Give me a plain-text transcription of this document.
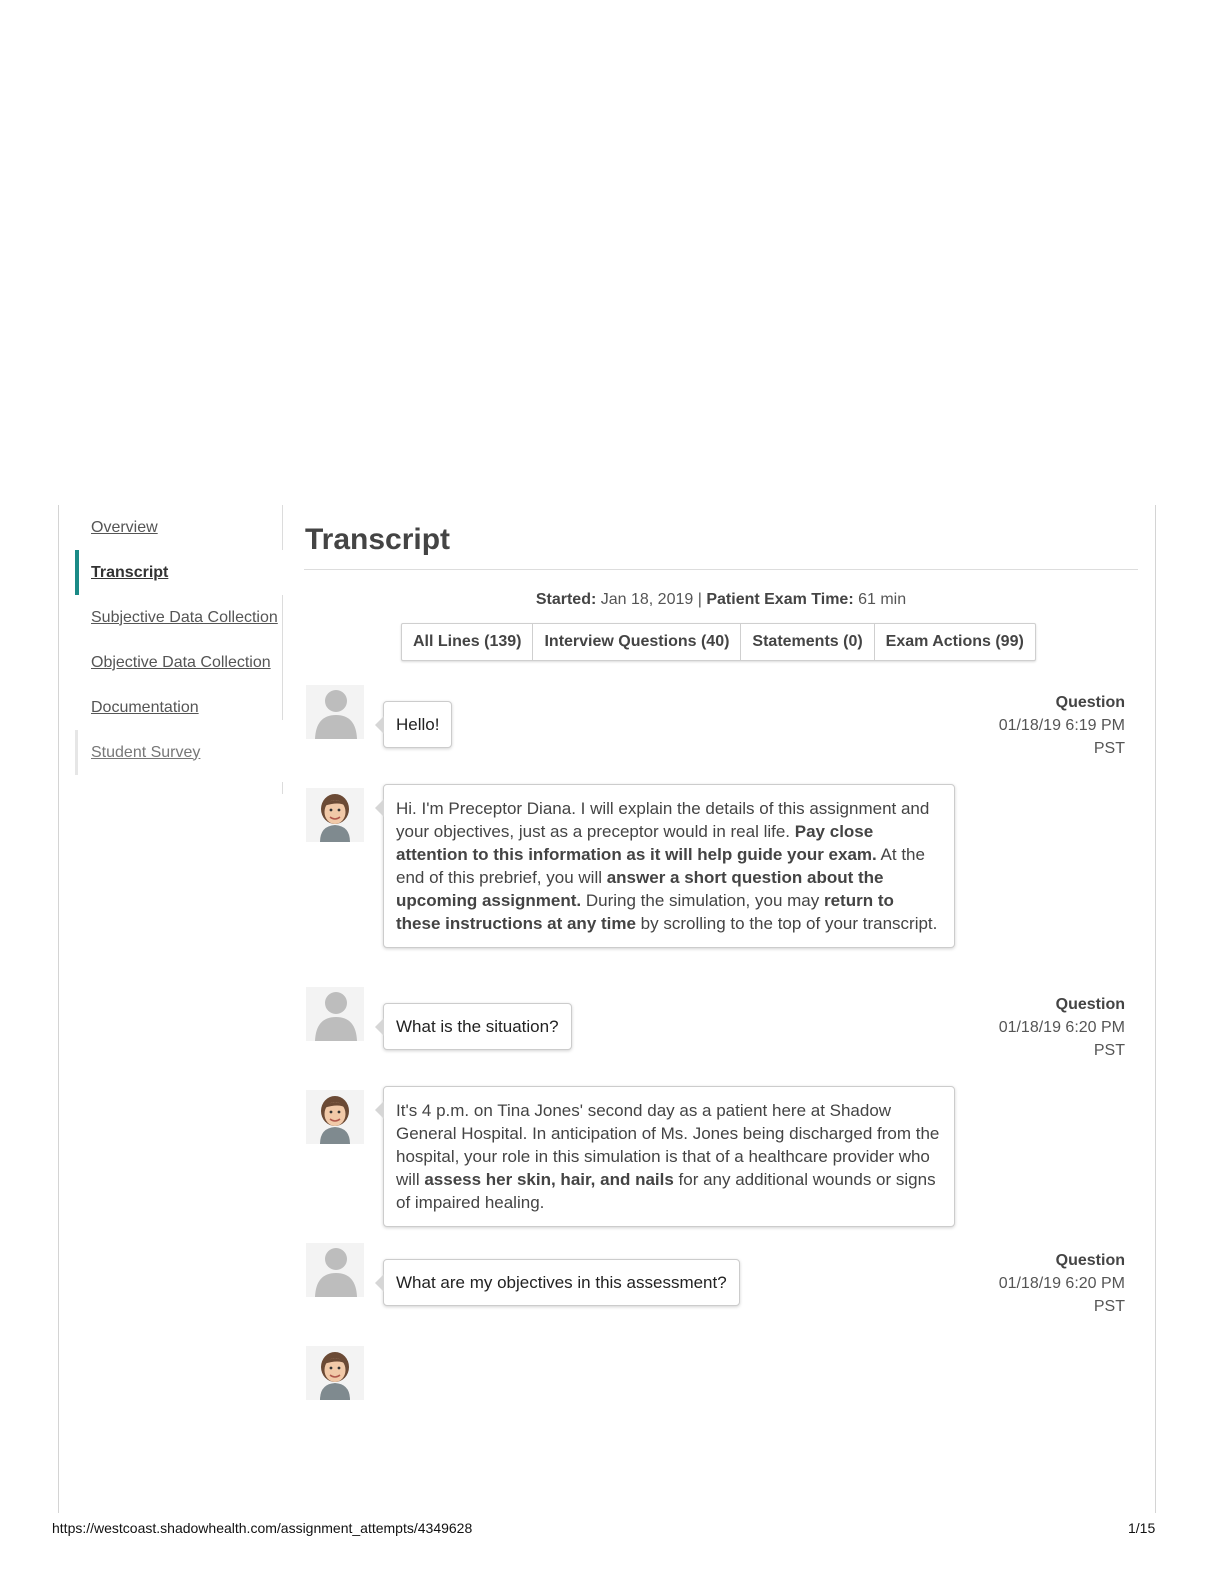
Overview
Transcript
Subjective Data Collection
Objective Data Collection
Documentation
Student Survey
Transcript
Started: Jan 18, 2019 | Patient Exam Time: 61 min
All Lines (139)	Interview Questions (40)	Statements (0)	Exam Actions (99)
Hello!
Question
01/18/19 6:19 PM
PST
Hi. I'm Preceptor Diana. I will explain the details of this assignment and your objectives, just as a preceptor would in real life. Pay close attention to this information as it will help guide your exam. At the end of this prebrief, you will answer a short question about the upcoming assignment. During the simulation, you may return to these instructions at any time by scrolling to the top of your transcript.
What is the situation?
Question
01/18/19 6:20 PM
PST
It's 4 p.m. on Tina Jones' second day as a patient here at Shadow General Hospital. In anticipation of Ms. Jones being discharged from the hospital, your role in this simulation is that of a healthcare provider who will assess her skin, hair, and nails for any additional wounds or signs of impaired healing.
What are my objectives in this assessment?
Question
01/18/19 6:20 PM
PST
https://westcoast.shadowhealth.com/assignment_attempts/4349628	1/15
